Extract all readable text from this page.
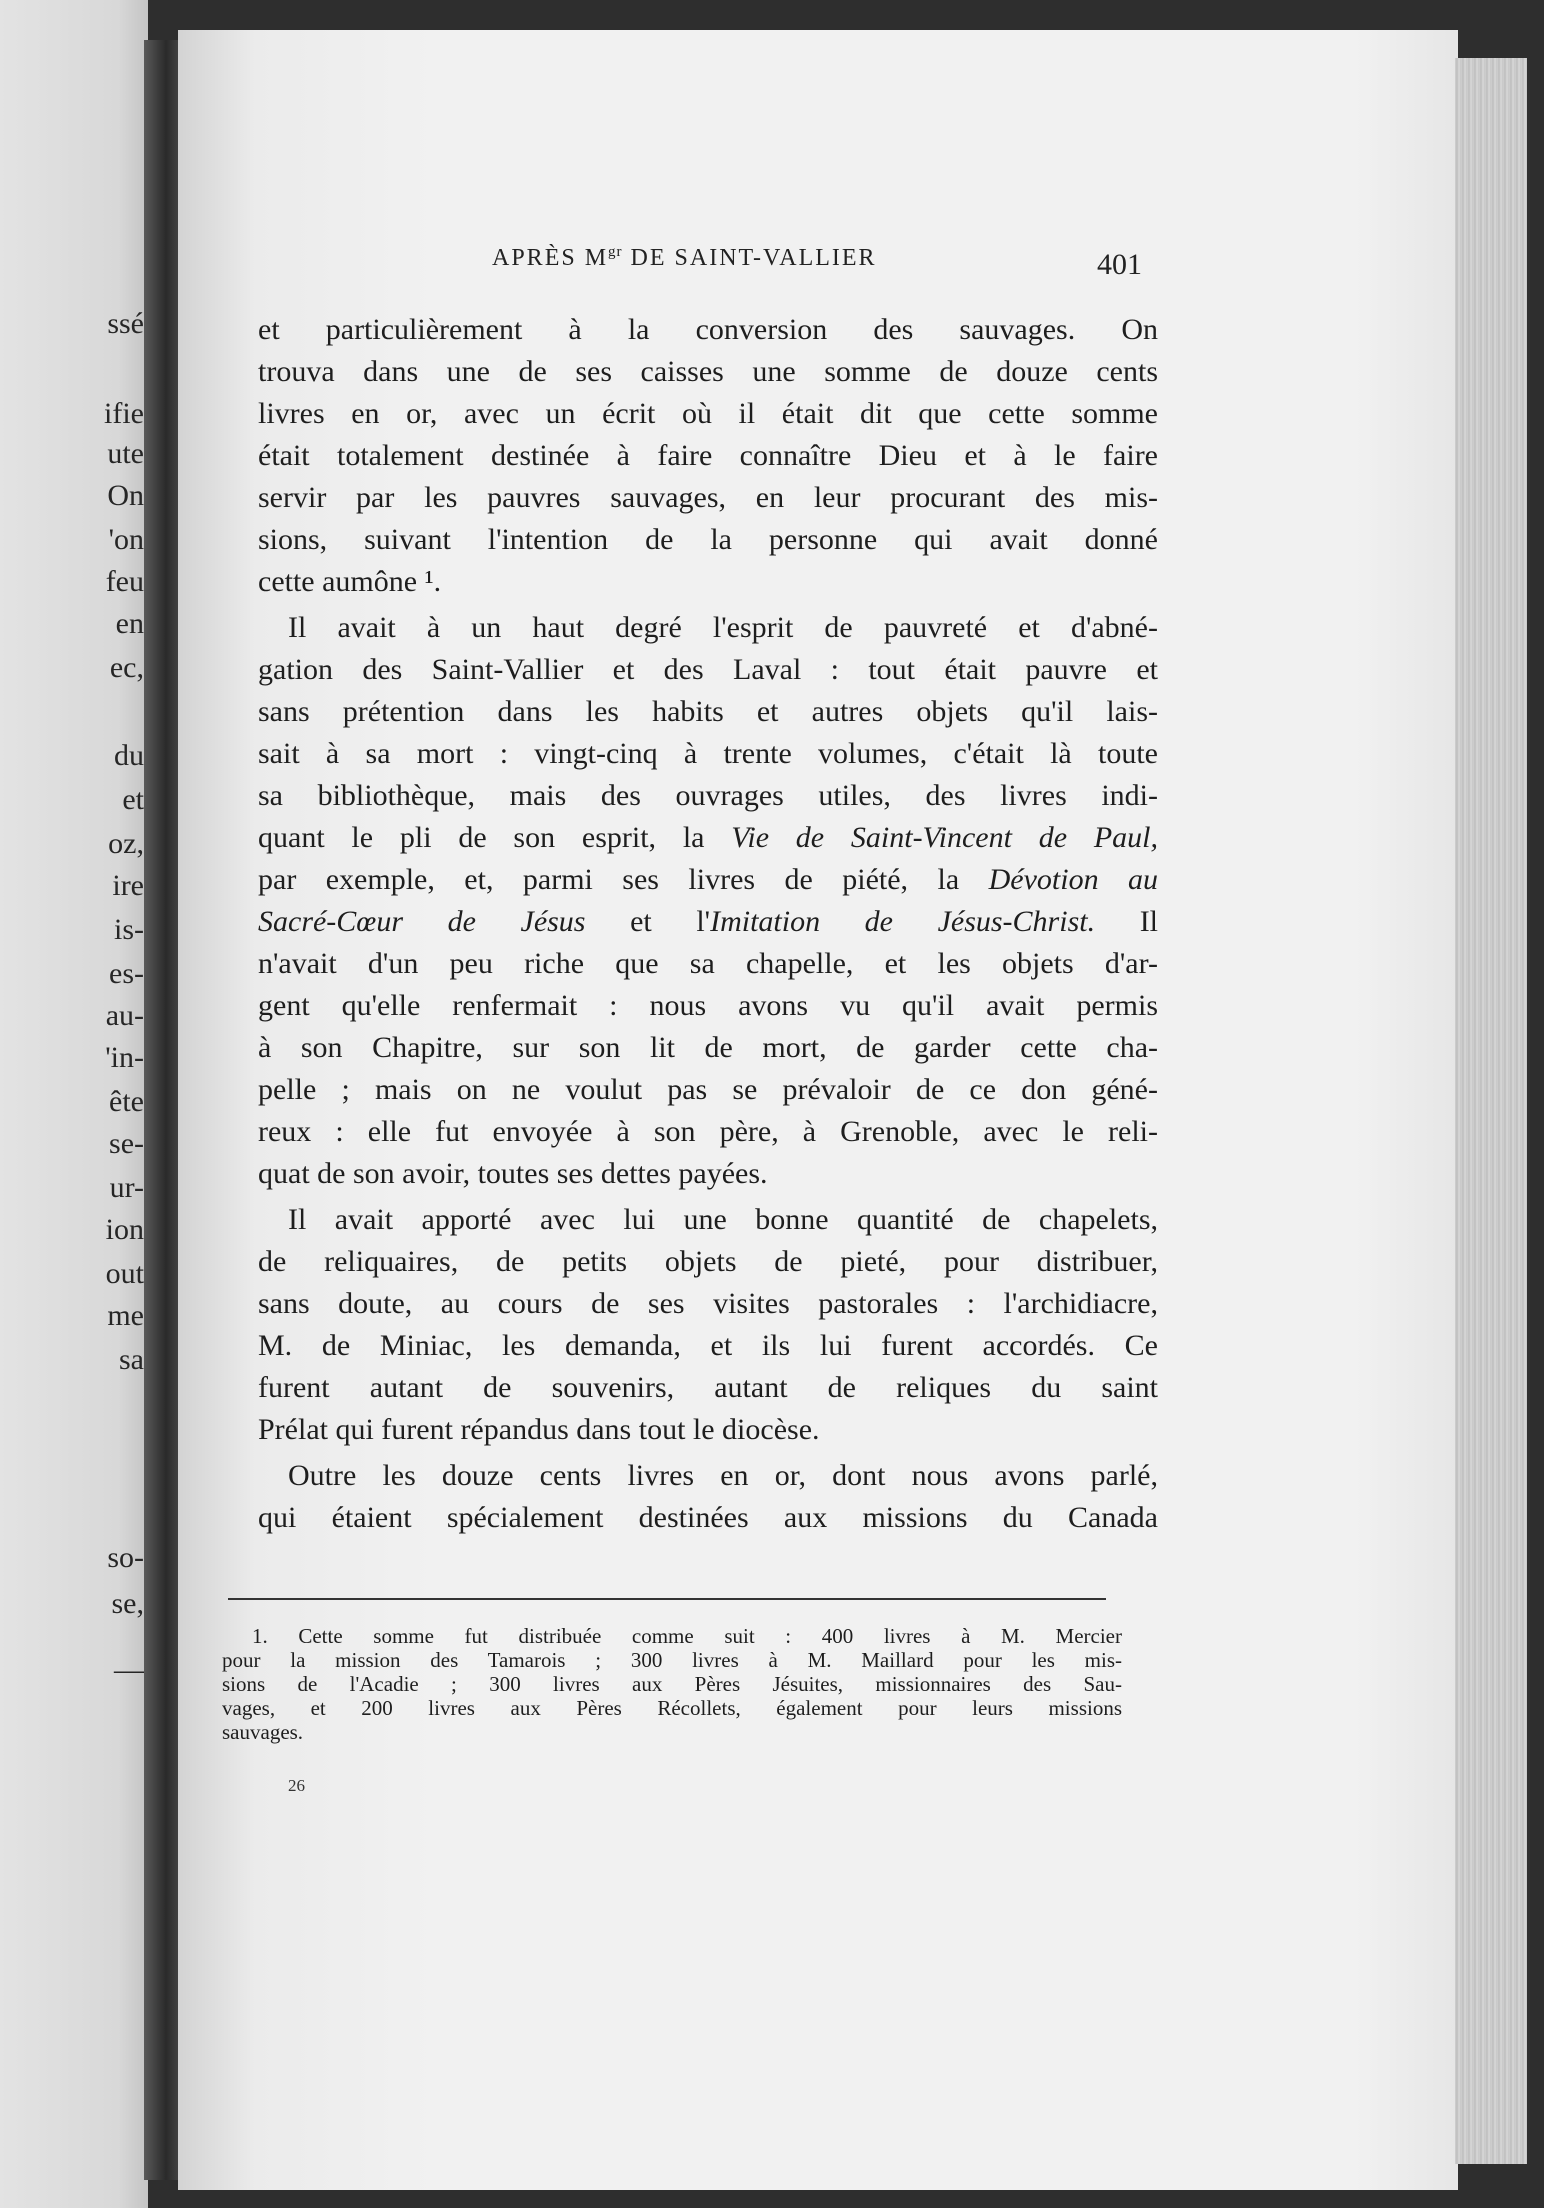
ssé
ifie
ute
On
'on
feu
en
ec,
du
et
oz,
ire
is-
es-
au-
'in-
ête
se-
ur-
ion
out
me
sa
so-
se,
—
APRÈS $M^{gr}$ DE SAINT-VALLIER	401
et particulièrement à la conversion des sauvages. On
trouva dans une de ses caisses une somme de douze cents
livres en or, avec un écrit où il était dit que cette somme
était totalement destinée à faire connaître Dieu et à le faire
servir par les pauvres sauvages, en leur procurant des mis-
sions, suivant l'intention de la personne qui avait donné
cette aumône ¹.
Il avait à un haut degré l'esprit de pauvreté et d'abné-
gation des Saint-Vallier et des Laval : tout était pauvre et
sans prétention dans les habits et autres objets qu'il lais-
sait à sa mort : vingt-cinq à trente volumes, c'était là toute
sa bibliothèque, mais des ouvrages utiles, des livres indi-
quant le pli de son esprit, la Vie de Saint-Vincent de Paul,
par exemple, et, parmi ses livres de piété, la Dévotion au
Sacré-Cœur de Jésus et l'Imitation de Jésus-Christ. Il
n'avait d'un peu riche que sa chapelle, et les objets d'ar-
gent qu'elle renfermait : nous avons vu qu'il avait permis
à son Chapitre, sur son lit de mort, de garder cette cha-
pelle ; mais on ne voulut pas se prévaloir de ce don géné-
reux : elle fut envoyée à son père, à Grenoble, avec le reli-
quat de son avoir, toutes ses dettes payées.
Il avait apporté avec lui une bonne quantité de chapelets,
de reliquaires, de petits objets de pieté, pour distribuer,
sans doute, au cours de ses visites pastorales : l'archidiacre,
M. de Miniac, les demanda, et ils lui furent accordés. Ce
furent autant de souvenirs, autant de reliques du saint
Prélat qui furent répandus dans tout le diocèse.
Outre les douze cents livres en or, dont nous avons parlé,
qui étaient spécialement destinées aux missions du Canada
1. Cette somme fut distribuée comme suit : 400 livres à M. Mercier
pour la mission des Tamarois ; 300 livres à M. Maillard pour les mis-
sions de l'Acadie ; 300 livres aux Pères Jésuites, missionnaires des Sau-
vages, et 200 livres aux Pères Récollets, également pour leurs missions
sauvages.
26
